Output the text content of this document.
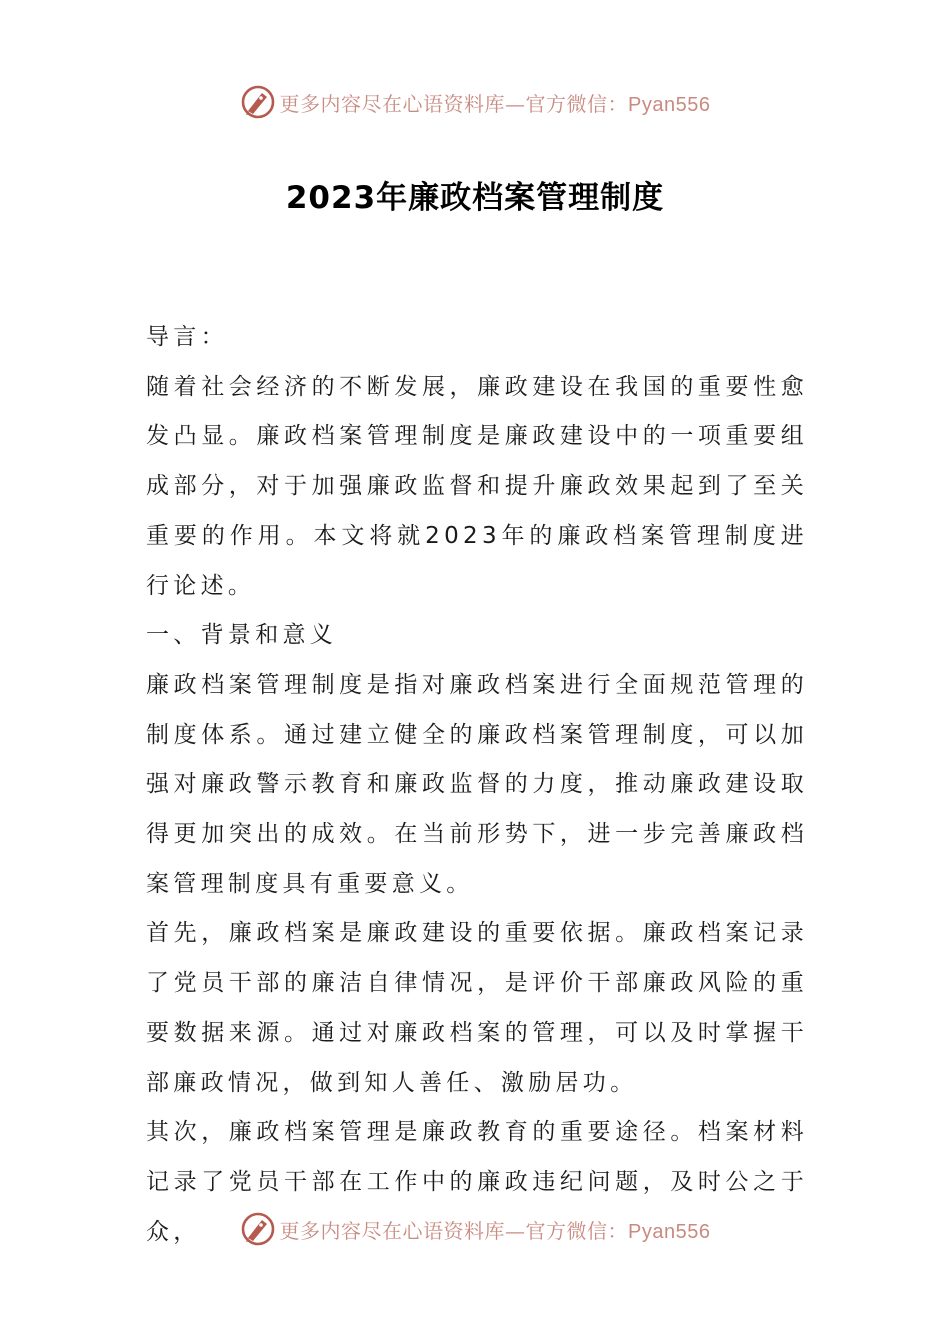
更多内容尽在心语资料库—官方微信：Pyan556
2023年廉政档案管理制度

导言：

随着社会经济的不断发展，廉政建设在我国的重要性愈发凸显。廉政档案管理制度是廉政建设中的一项重要组成部分，对于加强廉政监督和提升廉政效果起到了至关重要的作用。本文将就2023年的廉政档案管理制度进行论述。

一、背景和意义

廉政档案管理制度是指对廉政档案进行全面规范管理的制度体系。通过建立健全的廉政档案管理制度，可以加强对廉政警示教育和廉政监督的力度，推动廉政建设取得更加突出的成效。在当前形势下，进一步完善廉政档案管理制度具有重要意义。

首先，廉政档案是廉政建设的重要依据。廉政档案记录了党员干部的廉洁自律情况，是评价干部廉政风险的重要数据来源。通过对廉政档案的管理，可以及时掌握干部廉政情况，做到知人善任、激励居功。

其次，廉政档案管理是廉政教育的重要途径。档案材料记录了党员干部在工作中的廉政违纪问题，及时公之于众，	更多内容尽在心语资料库—官方微信：Pyan556
